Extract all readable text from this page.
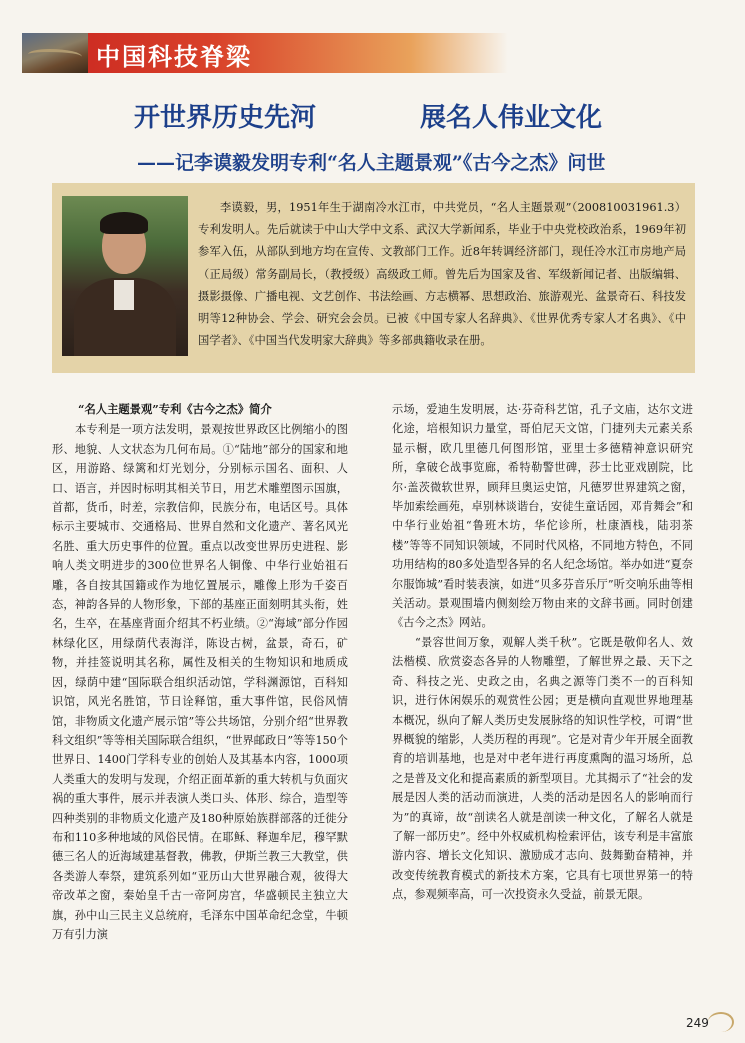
中国科技脊梁
开世界历史先河	展名人伟业文化
——记李谟毅发明专利“名人主题景观”《古今之杰》问世
李谟毅，男，1951年生于湖南冷水江市，中共党员，“名人主题景观”（200810031961.3）专利发明人。先后就读于中山大学中文系、武汉大学新闻系，毕业于中央党校政治系，1969年初参军入伍，从部队到地方均在宣传、文教部门工作。近8年转调经济部门，现任冷水江市房地产局（正局级）常务副局长，（教授级）高级政工师。曾先后为国家及省、军级新闻记者、出版编辑、摄影摄像、广播电视、文艺创作、书法绘画、方志横幂、思想政治、旅游观光、盆景奇石、科技发明等12种协会、学会、研究会会员。已被《中国专家人名辞典》、《世界优秀专家人才名典》、《中国学者》、《中国当代发明家大辞典》等多部典籍收录在册。

“名人主题景观”专利《古今之杰》简介

本专利是一项方法发明，景观按世界政区比例缩小的图形、地貌、人文状态为几何布局。①“陆地”部分的国家和地区，用游路、绿篱和灯光划分，分别标示国名、面积、人口、语言，并因时标明其相关节日，用艺术雕塑图示国旗，首都，货币，时差，宗教信仰，民族分布，电话区号。具体标示主要城市、交通格局、世界自然和文化遗产、著名风光名胜、重大历史事件的位置。重点以改变世界历史进程、影响人类文明进步的300位世界名人铜像、中华行业始祖石雕，各自按其国籍或作为地忆置展示，雕像上形为千姿百态，神韵各异的人物形象，下部的基座正面刻明其头衔，姓名，生卒，在基座背面介绍其不朽业绩。②“海域”部分作园林绿化区，用绿荫代表海洋，陈设古树，盆景，奇石，矿物，并挂签说明其名称，属性及相关的生物知识和地质成因，绿荫中建“国际联合组织活动馆，学科渊源馆，百科知识馆，风光名胜馆，节日诠释馆，重大事件馆，民俗风情馆，非物质文化遗产展示馆”等公共场馆，分别介绍“世界教科文组织”等等相关国际联合组织，“世界邮政日”等等150个世界日、1400门学科专业的创始人及其基本内容，1000项人类重大的发明与发现，介绍正面革新的重大转机与负面灾祸的重大事件，展示并表演人类口头、体形、综合，造型等四种类别的非物质文化遗产及180种原始族群部落的迁徙分布和110多种地域的风俗民情。在耶稣、释迦牟尼，穆罕默德三名人的近海域建基督教，佛教，伊斯兰教三大教堂，供各类游人奉祭，建筑系列如“亚历山大世界融合观，彼得大帝改革之窗，秦始皇千古一帝阿房宫，华盛顿民主独立大旗，孙中山三民主义总统府，毛泽东中国革命纪念堂，牛顿万有引力演

示场，爱迪生发明展，达·芬奇科艺馆，孔子文庙，达尔文进化途，培根知识力量堂，哥伯尼天文馆，门捷列夫元素关系显示橱，欧几里德几何图形馆，亚里士多德精神意识研究所，拿破仑战事览廊，希特勒警世碑，莎士比亚戏剧院，比尔·盖茨微软世界，顾拜旦奥运史馆，凡德罗世界建筑之窗，毕加索绘画苑，卓别林谈谐台，安徒生童话园，邓肯舞会”和中华行业始祖“鲁班木坊，华佗诊所，杜康酒栈，陆羽茶楼”等等不同知识领域，不同时代风格，不同地方特色，不同功用结构的80多处造型各异的名人纪念场馆。举办如进“夏奈尔服饰城”看时装表演，如进“贝多芬音乐厅”听交响乐曲等相关活动。景观围墙内侧刻绘万物由来的文辞书画。同时创建《古今之杰》网站。

“景容世间万象，观解人类千秋”。它既是敬仰名人、效法楷模、欣赏姿态各异的人物雕塑，了解世界之最、天下之奇、科技之光、史政之由，名典之源等门类不一的百科知识，进行休闲娱乐的观赏性公园；更是横向直观世界地理基本概况，纵向了解人类历史发展脉络的知识性学校，可谓“世界概貌的缩影，人类历程的再现”。它是对青少年开展全面教育的培训基地，也是对中老年进行再度熏陶的温习场所，总之是普及文化和提高素质的新型项目。尤其揭示了“社会的发展是因人类的活动而演进，人类的活动是因名人的影响而行为”的真谛，故“剖读名人就是剖读一种文化，了解名人就是了解一部历史”。经中外权威机构检索评估，该专利是丰富旅游内容、增长文化知识、激励成才志向、鼓舞勤奋精神，并改变传统教育模式的新技术方案，它具有七项世界第一的特点，参观频率高，可一次投资永久受益，前景无限。

249
